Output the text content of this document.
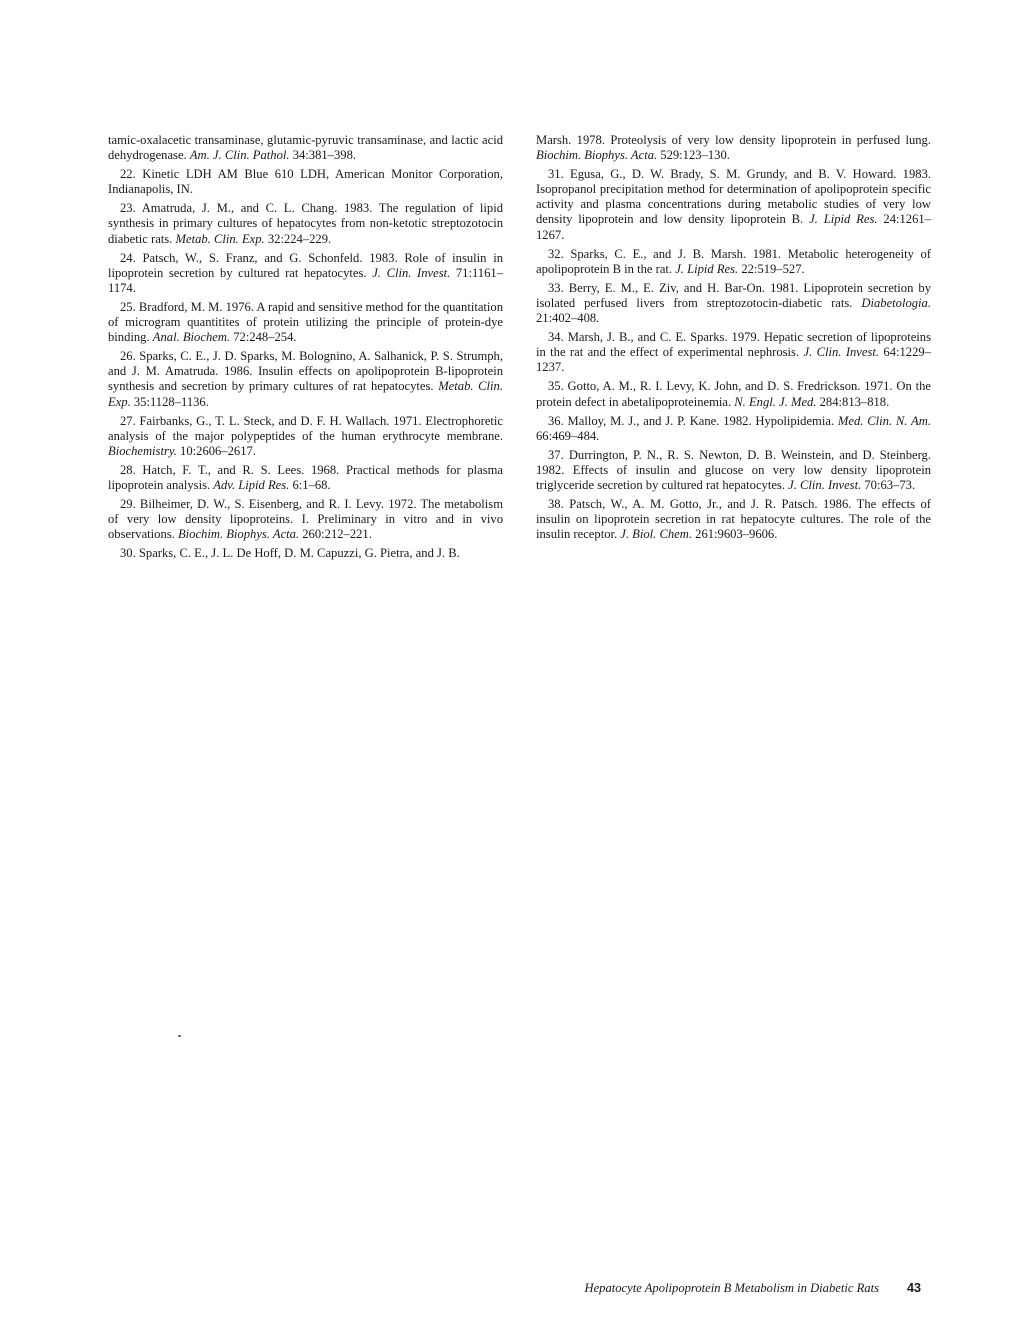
tamic-oxalacetic transaminase, glutamic-pyruvic transaminase, and lactic acid dehydrogenase. Am. J. Clin. Pathol. 34:381–398.

22. Kinetic LDH AM Blue 610 LDH, American Monitor Corporation, Indianapolis, IN.

23. Amatruda, J. M., and C. L. Chang. 1983. The regulation of lipid synthesis in primary cultures of hepatocytes from non-ketotic streptozotocin diabetic rats. Metab. Clin. Exp. 32:224–229.

24. Patsch, W., S. Franz, and G. Schonfeld. 1983. Role of insulin in lipoprotein secretion by cultured rat hepatocytes. J. Clin. Invest. 71:1161–1174.

25. Bradford, M. M. 1976. A rapid and sensitive method for the quantitation of microgram quantitites of protein utilizing the principle of protein-dye binding. Anal. Biochem. 72:248–254.

26. Sparks, C. E., J. D. Sparks, M. Bolognino, A. Salhanick, P. S. Strumph, and J. M. Amatruda. 1986. Insulin effects on apolipoprotein B-lipoprotein synthesis and secretion by primary cultures of rat hepatocytes. Metab. Clin. Exp. 35:1128–1136.

27. Fairbanks, G., T. L. Steck, and D. F. H. Wallach. 1971. Electrophoretic analysis of the major polypeptides of the human erythrocyte membrane. Biochemistry. 10:2606–2617.

28. Hatch, F. T., and R. S. Lees. 1968. Practical methods for plasma lipoprotein analysis. Adv. Lipid Res. 6:1–68.

29. Bilheimer, D. W., S. Eisenberg, and R. I. Levy. 1972. The metabolism of very low density lipoproteins. I. Preliminary in vitro and in vivo observations. Biochim. Biophys. Acta. 260:212–221.

30. Sparks, C. E., J. L. De Hoff, D. M. Capuzzi, G. Pietra, and J. B.

Marsh. 1978. Proteolysis of very low density lipoprotein in perfused lung. Biochim. Biophys. Acta. 529:123–130.

31. Egusa, G., D. W. Brady, S. M. Grundy, and B. V. Howard. 1983. Isopropanol precipitation method for determination of apolipoprotein specific activity and plasma concentrations during metabolic studies of very low density lipoprotein and low density lipoprotein B. J. Lipid Res. 24:1261–1267.

32. Sparks, C. E., and J. B. Marsh. 1981. Metabolic heterogeneity of apolipoprotein B in the rat. J. Lipid Res. 22:519–527.

33. Berry, E. M., E. Ziv, and H. Bar-On. 1981. Lipoprotein secretion by isolated perfused livers from streptozotocin-diabetic rats. Diabetologia. 21:402–408.

34. Marsh, J. B., and C. E. Sparks. 1979. Hepatic secretion of lipoproteins in the rat and the effect of experimental nephrosis. J. Clin. Invest. 64:1229–1237.

35. Gotto, A. M., R. I. Levy, K. John, and D. S. Fredrickson. 1971. On the protein defect in abetalipoproteinemia. N. Engl. J. Med. 284:813–818.

36. Malloy, M. J., and J. P. Kane. 1982. Hypolipidemia. Med. Clin. N. Am. 66:469–484.

37. Durrington, P. N., R. S. Newton, D. B. Weinstein, and D. Steinberg. 1982. Effects of insulin and glucose on very low density lipoprotein triglyceride secretion by cultured rat hepatocytes. J. Clin. Invest. 70:63–73.

38. Patsch, W., A. M. Gotto, Jr., and J. R. Patsch. 1986. The effects of insulin on lipoprotein secretion in rat hepatocyte cultures. The role of the insulin receptor. J. Biol. Chem. 261:9603–9606.

Hepatocyte Apolipoprotein B Metabolism in Diabetic Rats 43
